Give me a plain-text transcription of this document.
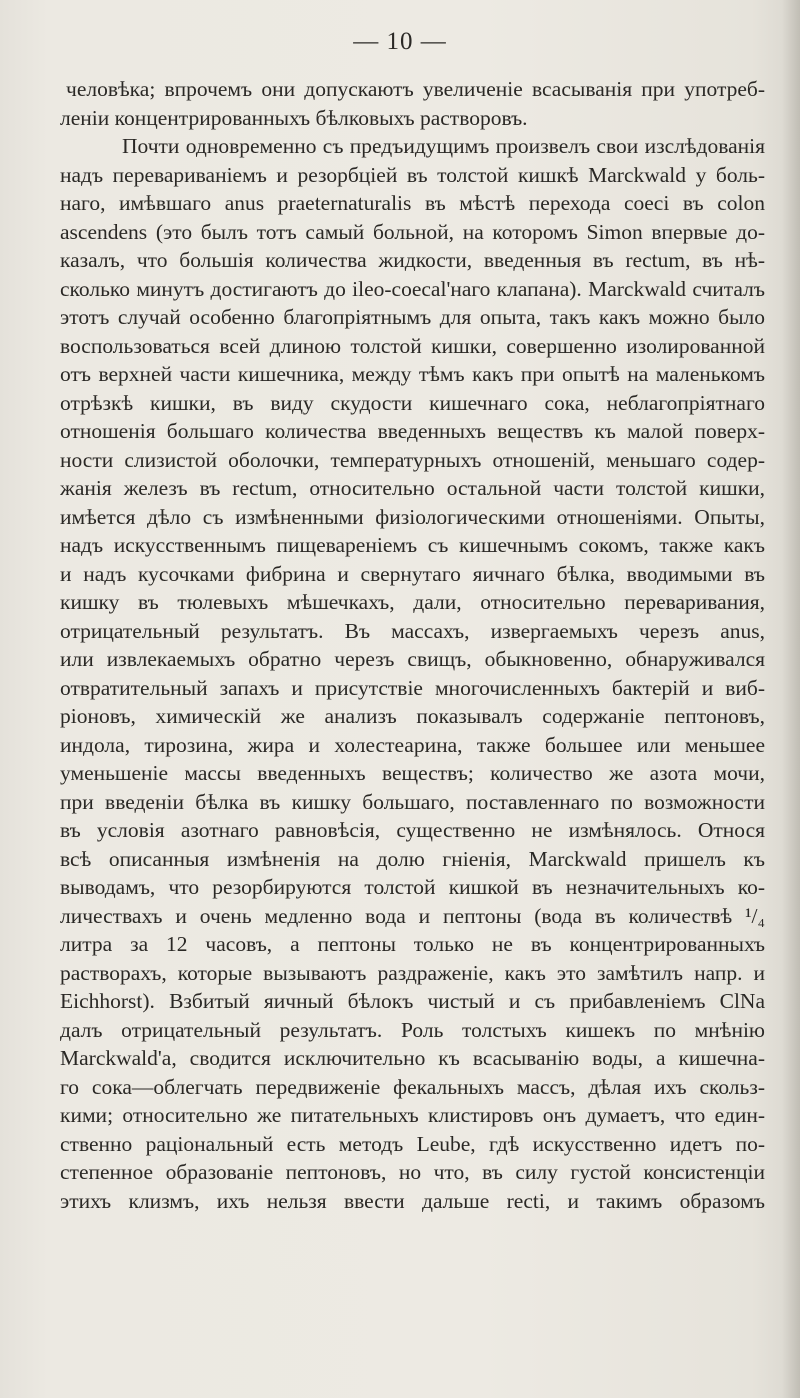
— 10 —
человѣка; впрочемъ они допускаютъ увеличеніе всасыванія при употреб-
леніи концентрированныхъ бѣлковыхъ растворовъ.
Почти одновременно съ предъидущимъ произвелъ свои изслѣдованія
надъ перевариваніемъ и резорбціей въ толстой кишкѣ Marckwald у боль-
наго, имѣвшаго anus praeternaturalis въ мѣстѣ перехода coeci въ colon
ascendens (это былъ тотъ самый больной, на которомъ Simon впервые до-
казалъ, что большія количества жидкости, введенныя въ rectum, въ нѣ-
сколько минутъ достигаютъ до ileo-coecal'наго клапана). Marckwald считалъ
этотъ случай особенно благопріятнымъ для опыта, такъ какъ можно было
воспользоваться всей длиною толстой кишки, совершенно изолированной
отъ верхней части кишечника, между тѣмъ какъ при опытѣ на маленькомъ
отрѣзкѣ кишки, въ виду скудости кишечнаго сока, неблагопріятнаго
отношенія большаго количества введенныхъ веществъ къ малой поверх-
ности слизистой оболочки, температурныхъ отношеній, меньшаго содер-
жанія железъ въ rectum, относительно остальной части толстой кишки,
имѣется дѣло съ измѣненными физіологическими отношеніями. Опыты,
надъ искусственнымъ пищевареніемъ съ кишечнымъ сокомъ, также какъ
и надъ кусочками фибрина и свернутаго яичнаго бѣлка, вводимыми въ
кишку въ тюлевыхъ мѣшечкахъ, дали, относительно переваривания,
отрицательный результатъ. Въ массахъ, извергаемыхъ черезъ anus,
или извлекаемыхъ обратно черезъ свищъ, обыкновенно, обнаруживался
отвратительный запахъ и присутствіе многочисленныхъ бактерій и виб-
ріоновъ, химическій же анализъ показывалъ содержаніе пептоновъ,
индола, тирозина, жира и холестеарина, также большее или меньшее
уменьшеніе массы введенныхъ веществъ; количество же азота мочи,
при введеніи бѣлка въ кишку большаго, поставленнаго по возможности
въ условія азотнаго равновѣсія, существенно не измѣнялось. Относя
всѣ описанныя измѣненія на долю гніенія, Marckwald пришелъ къ
выводамъ, что резорбируются толстой кишкой въ незначительныхъ ко-
личествахъ и очень медленно вода и пептоны (вода въ количествѣ ¹/₄
литра за 12 часовъ, а пептоны только не въ концентрированныхъ
растворахъ, которые вызываютъ раздраженіе, какъ это замѣтилъ напр. и
Eichhorst). Взбитый яичный бѣлокъ чистый и съ прибавленіемъ ClNa
далъ отрицательный результатъ. Роль толстыхъ кишекъ по мнѣнію
Marckwald'а, сводится исключительно къ всасыванію воды, а кишечна-
го сока—облегчать передвиженіе фекальныхъ массъ, дѣлая ихъ скольз-
кими; относительно же питательныхъ клистировъ онъ думаетъ, что един-
ственно раціональный есть методъ Leube, гдѣ искусственно идетъ по-
степенное образованіе пептоновъ, но что, въ силу густой консистенціи
этихъ клизмъ, ихъ нельзя ввести дальше recti, и такимъ образомъ
